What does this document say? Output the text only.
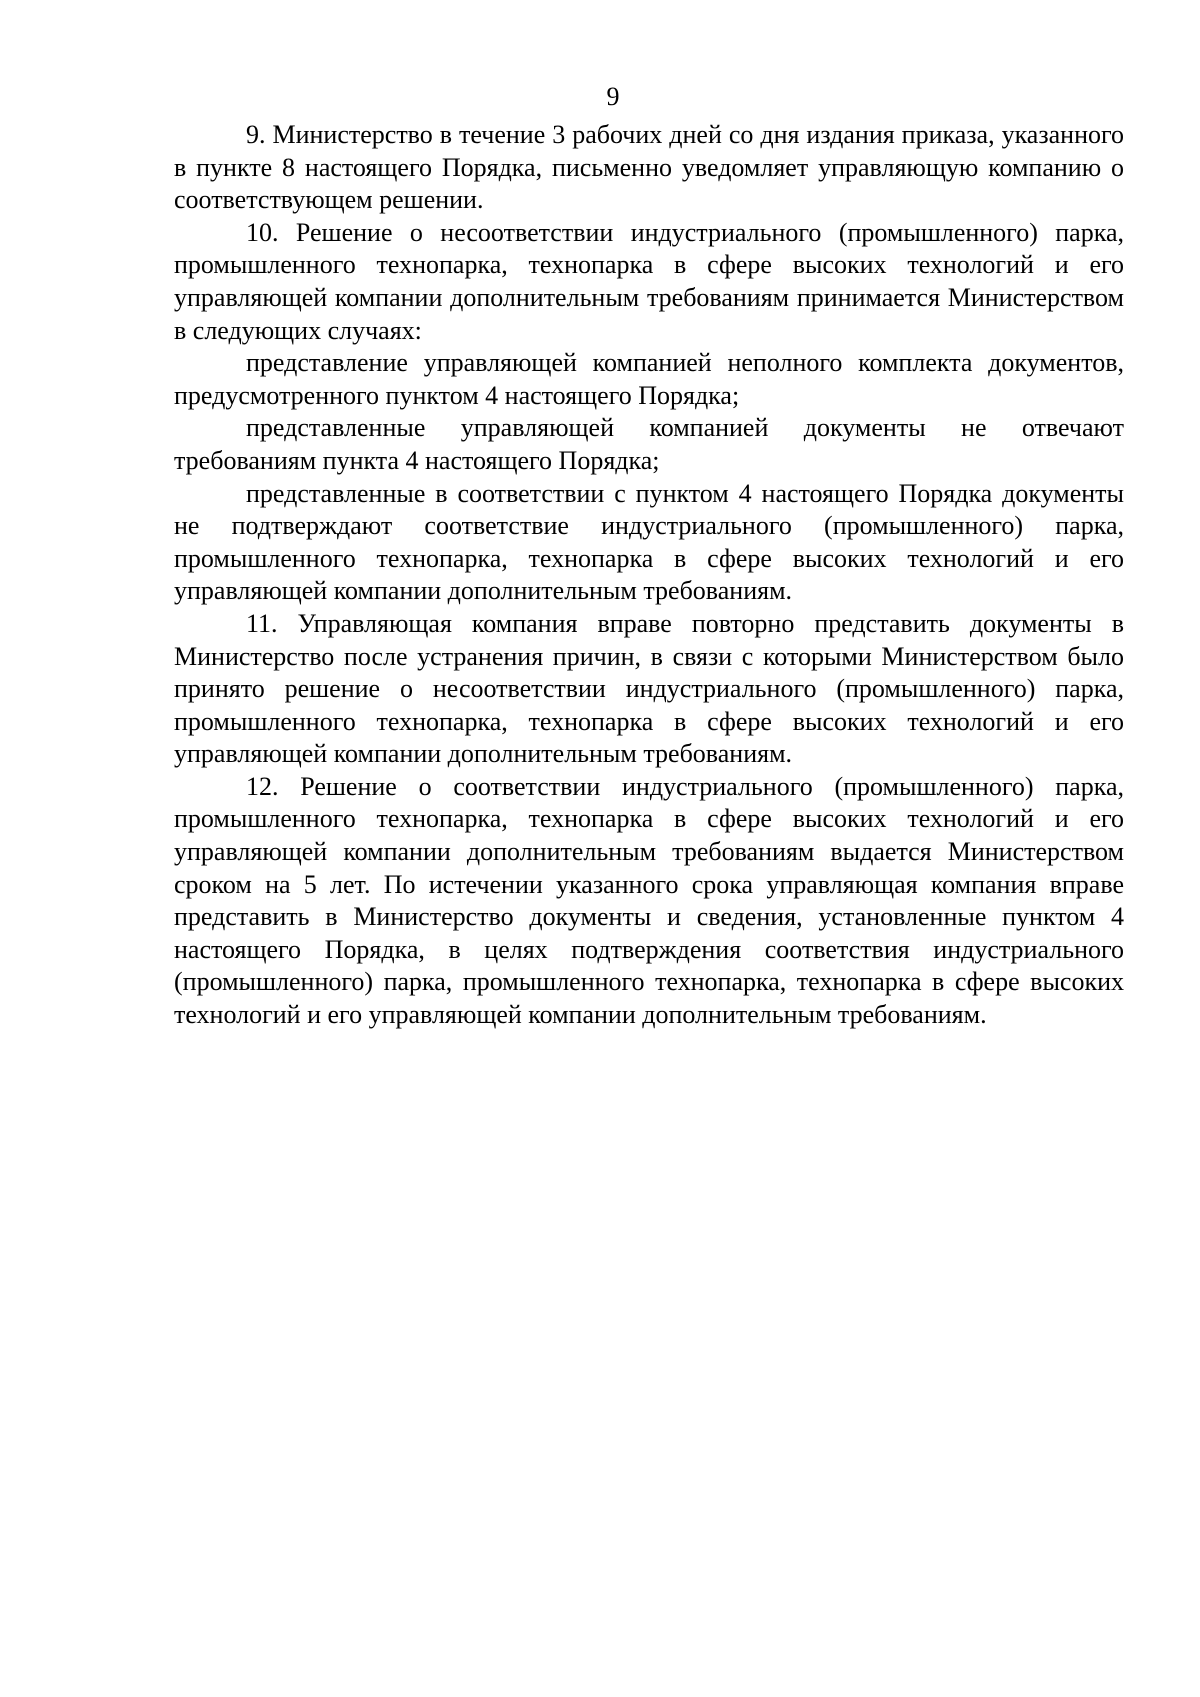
9

9. Министерство в течение 3 рабочих дней со дня издания приказа, указанного в пункте 8 настоящего Порядка, письменно уведомляет управляющую компанию о соответствующем решении.

10. Решение о несоответствии индустриального (промышленного) парка, промышленного технопарка, технопарка в сфере высоких технологий и его управляющей компании дополнительным требованиям принимается Министерством в следующих случаях:

представление управляющей компанией неполного комплекта документов, предусмотренного пунктом 4 настоящего Порядка;

представленные управляющей компанией документы не отвечают требованиям пункта 4 настоящего Порядка;

представленные в соответствии с пунктом 4 настоящего Порядка документы не подтверждают соответствие индустриального (промышленного) парка, промышленного технопарка, технопарка в сфере высоких технологий и его управляющей компании дополнительным требованиям.

11. Управляющая компания вправе повторно представить документы в Министерство после устранения причин, в связи с которыми Министерством было принято решение о несоответствии индустриального (промышленного) парка, промышленного технопарка, технопарка в сфере высоких технологий и его управляющей компании дополнительным требованиям.

12. Решение о соответствии индустриального (промышленного) парка, промышленного технопарка, технопарка в сфере высоких технологий и его управляющей компании дополнительным требованиям выдается Министерством сроком на 5 лет. По истечении указанного срока управляющая компания вправе представить в Министерство документы и сведения, установленные пунктом 4 настоящего Порядка, в целях подтверждения соответствия индустриального (промышленного) парка, промышленного технопарка, технопарка в сфере высоких технологий и его управляющей компании дополнительным требованиям.
